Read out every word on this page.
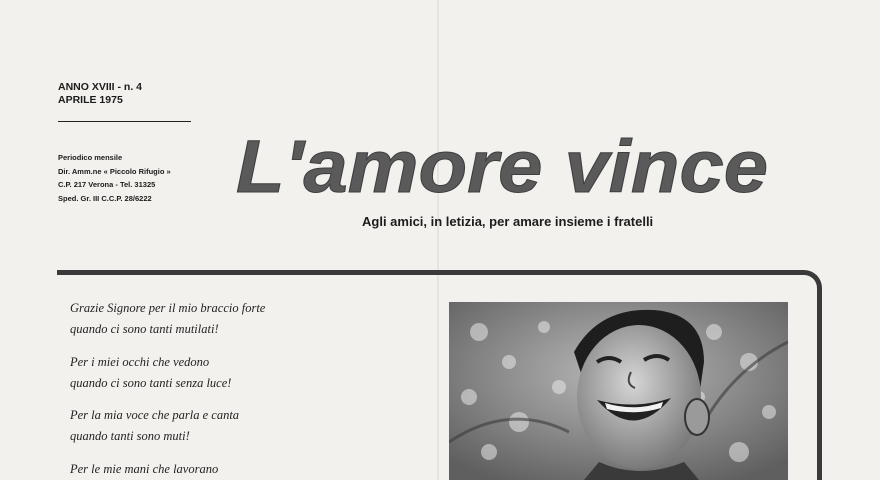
ANNO XVIII - n. 4
APRILE 1975
Periodico mensile
Dir. Amm.ne « Piccolo Rifugio »
C.P. 217 Verona - Tel. 31325
Sped. Gr. III C.C.P. 28/6222 L'amore vince
Agli amici, in letizia, per amare insieme i fratelli
Grazie Signore per il mio braccio forte
quando ci sono tanti mutilati!
Per i miei occhi che vedono
quando ci sono tanti senza luce!
Per la mia voce che parla e canta
quando tanti sono muti!
Per le mie mani che lavorano
